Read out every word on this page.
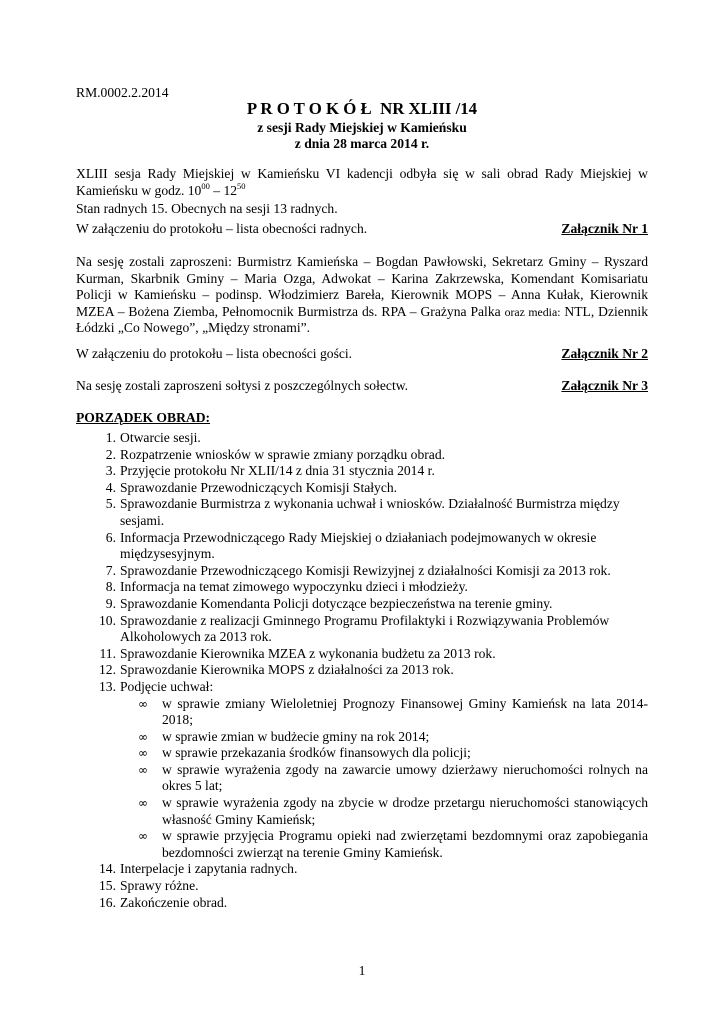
RM.0002.2.2014
P R O T O K Ó Ł  NR XLIII /14
z sesji Rady Miejskiej w Kamieńsku
z dnia 28 marca 2014 r.
XLIII sesja Rady Miejskiej w Kamieńsku VI kadencji odbyła się w sali obrad Rady Miejskiej w Kamieńsku w godz. $10^{00} - 12^{50}$
Stan radnych 15. Obecnych na sesji 13 radnych.
W załączeniu do protokołu – lista obecności radnych.	Załącznik Nr 1
Na sesję zostali zaproszeni: Burmistrz Kamieńska – Bogdan Pawłowski, Sekretarz Gminy – Ryszard Kurman, Skarbnik Gminy – Maria Ozga, Adwokat – Karina Zakrzewska, Komendant Komisariatu Policji w Kamieńsku – podinsp. Włodzimierz Bareła, Kierownik MOPS – Anna Kułak, Kierownik MZEA – Bożena Ziemba, Pełnomocnik Burmistrza ds. RPA – Grażyna Palka oraz media: NTL, Dziennik Łódzki „Co Nowego”, „Między stronami”.
W załączeniu do protokołu – lista obecności gości.	Załącznik Nr 2
Na sesję zostali zaproszeni sołtysi z poszczególnych sołectw.	Załącznik Nr 3
PORZĄDEK OBRAD:
1. Otwarcie sesji.
2. Rozpatrzenie wniosków w sprawie zmiany porządku obrad.
3. Przyjęcie protokołu Nr XLII/14 z dnia 31 stycznia 2014 r.
4. Sprawozdanie Przewodniczących Komisji Stałych.
5. Sprawozdanie Burmistrza z wykonania uchwał i wniosków. Działalność Burmistrza między sesjami.
6. Informacja Przewodniczącego Rady Miejskiej o działaniach podejmowanych w okresie międzysesyjnym.
7. Sprawozdanie Przewodniczącego Komisji Rewizyjnej z działalności Komisji za 2013 rok.
8. Informacja na temat zimowego wypoczynku dzieci i młodzieży.
9. Sprawozdanie Komendanta Policji dotyczące bezpieczeństwa na terenie gminy.
10. Sprawozdanie z realizacji Gminnego Programu Profilaktyki i Rozwiązywania Problemów Alkoholowych za 2013 rok.
11. Sprawozdanie Kierownika MZEA z wykonania budżetu za 2013 rok.
12. Sprawozdanie Kierownika MOPS z działalności za 2013 rok.
13. Podjęcie uchwał:
∞ w sprawie zmiany Wieloletniej Prognozy Finansowej Gminy Kamieńsk na lata 2014-2018;
∞ w sprawie zmian w budżecie gminy na rok 2014;
∞ w sprawie przekazania środków finansowych dla policji;
∞ w sprawie wyrażenia zgody na zawarcie umowy dzierżawy nieruchomości rolnych na okres 5 lat;
∞ w sprawie wyrażenia zgody na zbycie w drodze przetargu nieruchomości stanowiących własność Gminy Kamieńsk;
∞ w sprawie przyjęcia Programu opieki nad zwierzętami bezdomnymi oraz zapobiegania bezdomności zwierząt na terenie Gminy Kamieńsk.
14. Interpelacje i zapytania radnych.
15. Sprawy różne.
16. Zakończenie obrad.
1
